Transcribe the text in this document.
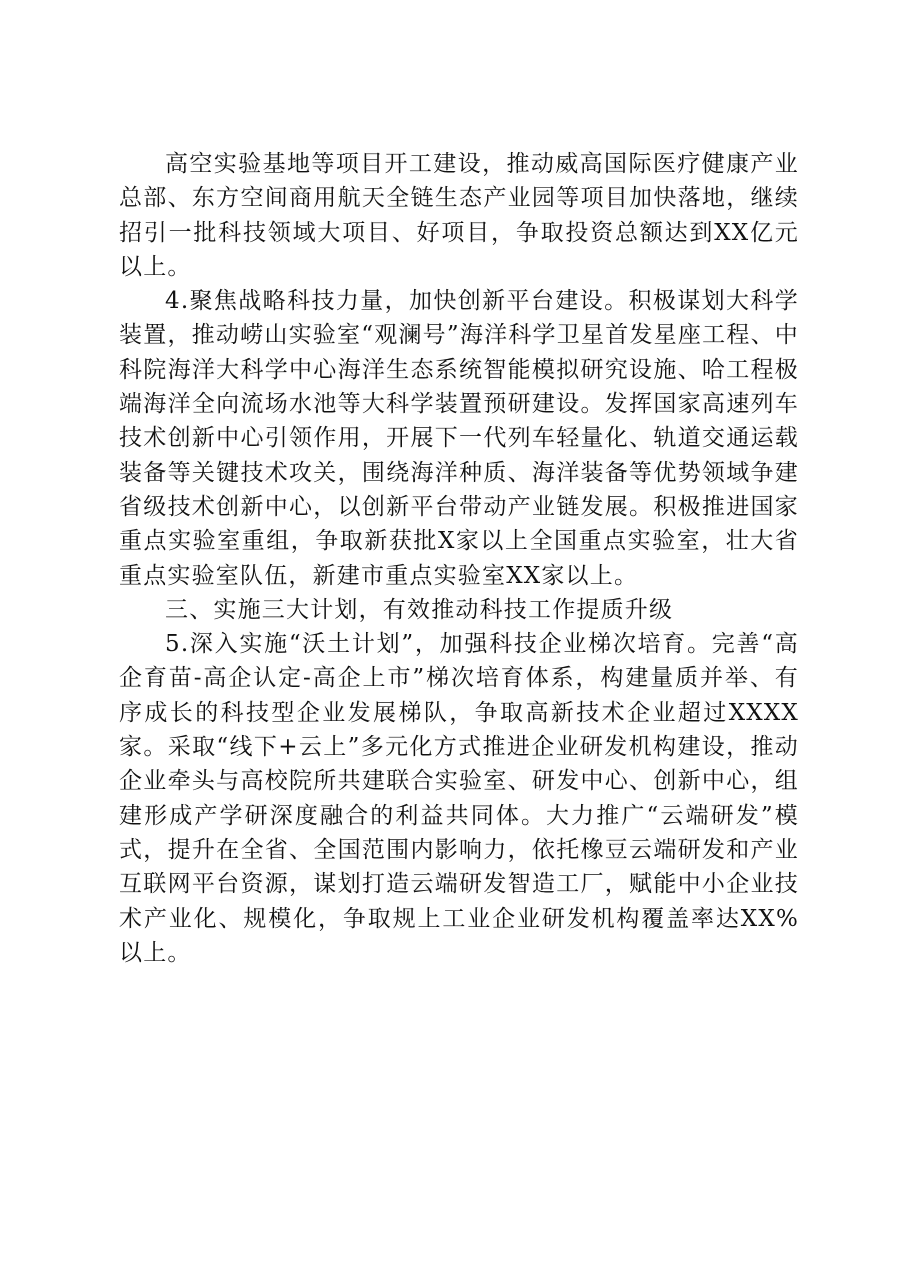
高空实验基地等项目开工建设，推动威高国际医疗健康产业总部、东方空间商用航天全链生态产业园等项目加快落地，继续招引一批科技领域大项目、好项目，争取投资总额达到XX亿元以上。

4.聚焦战略科技力量，加快创新平台建设。积极谋划大科学装置，推动崂山实验室“观澜号”海洋科学卫星首发星座工程、中科院海洋大科学中心海洋生态系统智能模拟研究设施、哈工程极端海洋全向流场水池等大科学装置预研建设。发挥国家高速列车技术创新中心引领作用，开展下一代列车轻量化、轨道交通运载装备等关键技术攻关，围绕海洋种质、海洋装备等优势领域争建省级技术创新中心，以创新平台带动产业链发展。积极推进国家重点实验室重组，争取新获批X家以上全国重点实验室，壮大省重点实验室队伍，新建市重点实验室XX家以上。

三、实施三大计划，有效推动科技工作提质升级

5.深入实施“沃土计划”，加强科技企业梯次培育。完善“高企育苗-高企认定-高企上市”梯次培育体系，构建量质并举、有序成长的科技型企业发展梯队，争取高新技术企业超过XXXX家。采取“线下+云上”多元化方式推进企业研发机构建设，推动企业牵头与高校院所共建联合实验室、研发中心、创新中心，组建形成产学研深度融合的利益共同体。大力推广“云端研发”模式，提升在全省、全国范围内影响力，依托橡豆云端研发和产业互联网平台资源，谋划打造云端研发智造工厂，赋能中小企业技术产业化、规模化，争取规上工业企业研发机构覆盖率达XX%以上。
